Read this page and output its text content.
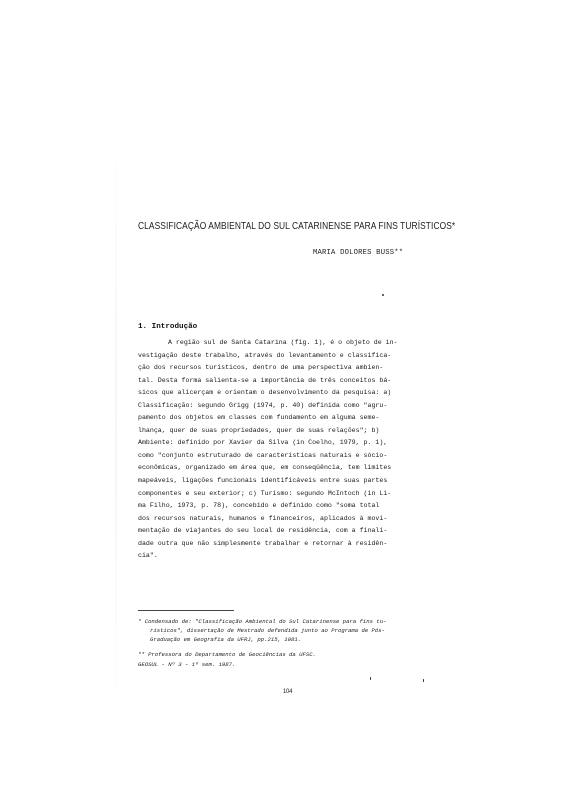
CLASSIFICAÇÃO AMBIENTAL DO SUL CATARINENSE PARA FINS TURÍSTICOS*
MARIA DOLORES BUSS**
1. Introdução
A região sul de Santa Catarina (fig. 1), é o objeto de in-
vestigação deste trabalho, através do levantamento e classifica-
ção dos recursos turísticos, dentro de uma perspectiva ambien-
tal. Desta forma salienta-se a importância de três conceitos bá-
sicos que alicerçam e orientam o desenvolvimento da pesquisa: a)
Classificação: segundo Grigg (1974, p. 40) definida como "agru-
pamento dos objetos em classes com fundamento em alguma seme-
lhança, quer de suas propriedades, quer de suas relações"; b)
Ambiente: definido por Xavier da Silva (in Coelho, 1979, p. 1),
como "conjunto estruturado de características naturais e sócio-
econômicas, organizado em área que, em conseqüência, tem limites
mapeáveis, ligações funcionais identificáveis entre suas partes
componentes e seu exterior; c) Turismo: segundo McIntoch (in Li-
ma Filho, 1973, p. 78), concebido e definido como "soma total
dos recursos naturais, humanos e financeiros, aplicados à movi-
mentação de viajantes do seu local de residência, com a finali-
dade outra que não simplesmente trabalhar e retornar à residên-
cia".
* Condensado de: "Classificação Ambiental do Sul Catarinense para fins tu-
rísticos", dissertação de Mestrado defendida junto ao Programa de Pós-
Graduação em Geografia da UFRJ, pp.215, 1981.
** Professora do Departamento de Geociências da UFSC.
GEOSUL - Nº 3 - 1º sem. 1987.
104
